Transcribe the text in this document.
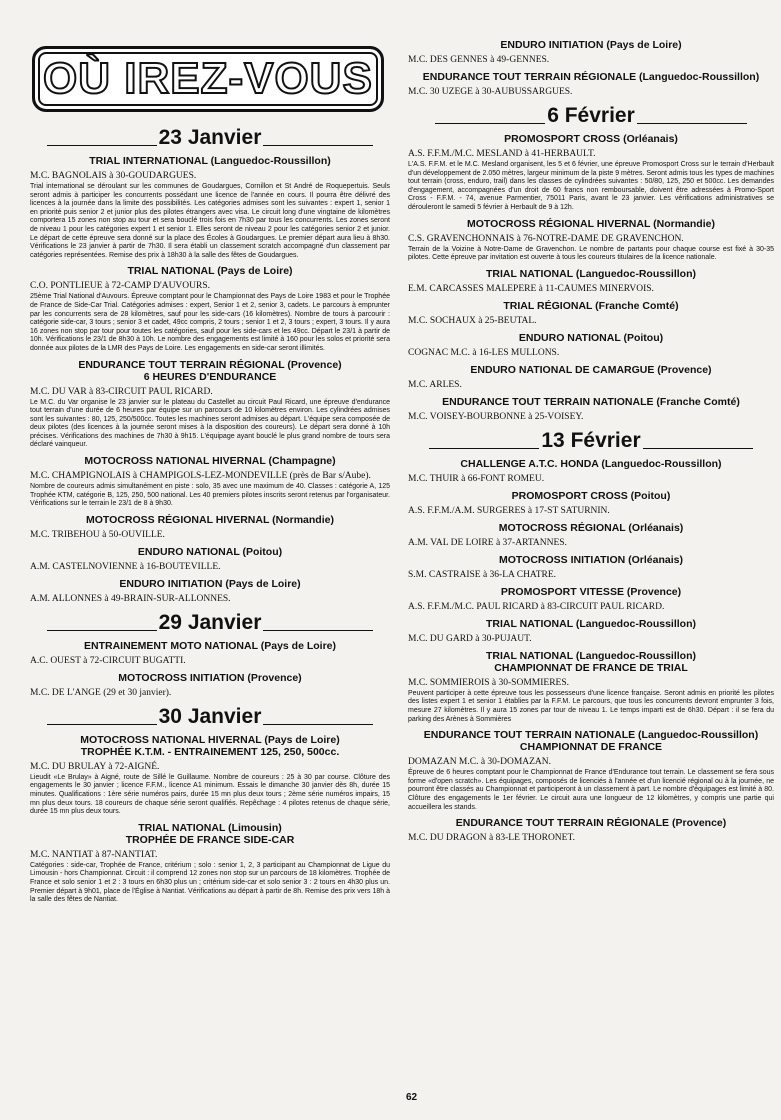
OÙ IREZ-VOUS
23 Janvier
TRIAL INTERNATIONAL (Languedoc-Roussillon)
M.C. BAGNOLAIS à 30-GOUDARGUES.

Trial international se déroulant sur les communes de Goudargues, Cornillon et St André de Roquepertuis. Seuls seront admis à participer les concurrents possédant une licence de l'année en cours. Il pourra être délivré des licences à la journée dans la limite des possibilités. Les catégories admises sont les suivantes : expert 1, senior 1 en priorité puis senior 2 et junior plus des pilotes étrangers avec visa. Le circuit long d'une vingtaine de kilomètres comportera 15 zones non stop au tour et sera bouclé trois fois en 7h30 par tous les concurrents. Les zones seront de niveau 1 pour les catégories expert 1 et senior 1. Elles seront de niveau 2 pour les catégories senior 2 et junior. Le départ de cette épreuve sera donné sur la place des Écoles à Goudargues. Le premier départ aura lieu à 8h30. Vérifications le 23 janvier à partir de 7h30. Il sera établi un classement scratch accompagné d'un classement par catégories représentées. Remise des prix à 18h30 à la salle des fêtes de Goudargues.

TRIAL NATIONAL (Pays de Loire)
C.O. PONTLIEUE à 72-CAMP D'AUVOURS.

25ème Trial National d'Auvours. Épreuve comptant pour le Championnat des Pays de Loire 1983 et pour le Trophée de France de Side-Car Trial. Catégories admises : expert, Senior 1 et 2, senior 3, cadets. Le parcours à emprunter par les concurrents sera de 28 kilomètres, sauf pour les side-cars (16 kilomètres). Nombre de tours à parcourir : catégorie side-car, 3 tours ; senior 3 et cadet, 49cc compris, 2 tours ; senior 1 et 2, 3 tours ; expert, 3 tours. Il y aura 16 zones non stop par tour pour toutes les catégories, sauf pour les side-cars et les 49cc. Départ le 23/1 à partir de 10h. Vérifications le 23/1 de 8h30 à 10h. Le nombre des engagements est limité à 160 pour les solos et priorité sera donnée aux pilotes de la LMR des Pays de Loire. Les engagements en side-car seront illimités.

ENDURANCE TOUT TERRAIN RÉGIONAL (Provence)
6 HEURES D'ENDURANCE
M.C. DU VAR à 83-CIRCUIT PAUL RICARD.

Le M.C. du Var organise le 23 janvier sur le plateau du Castellet au circuit Paul Ricard, une épreuve d'endurance tout terrain d'une durée de 6 heures par équipe sur un parcours de 10 kilomètres environ. Les cylindrées admises sont les suivantes : 80, 125, 250/500cc. Toutes les machines seront admises au départ. L'équipe sera composée de deux pilotes (des licences à la journée seront mises à la disposition des coureurs). Le départ sera donné à 10h précises. Vérifications des machines de 7h30 à 9h15. L'équipage ayant bouclé le plus grand nombre de tours sera déclaré vainqueur.

MOTOCROSS NATIONAL HIVERNAL (Champagne)
M.C. CHAMPIGNOLAIS à CHAMPIGOLS-LEZ-MONDEVILLE (près de Bar s/Aube).

Nombre de coureurs admis simultanément en piste : solo, 35 avec une maximum de 40. Classes : catégorie A, 125 Trophée KTM, catégorie B, 125, 250, 500 national. Les 40 premiers pilotes inscrits seront retenus par l'organisateur. Vérifications sur le terrain le 23/1 de 8 à 9h30.

MOTOCROSS RÉGIONAL HIVERNAL (Normandie)
M.C. TRIBEHOU à 50-OUVILLE.
ENDURO NATIONAL (Poitou)
A.M. CASTELNOVIENNE à 16-BOUTEVILLE.
ENDURO INITIATION (Pays de Loire)
A.M. ALLONNES à 49-BRAIN-SUR-ALLONNES.
29 Janvier
ENTRAINEMENT MOTO NATIONAL (Pays de Loire)
A.C. OUEST à 72-CIRCUIT BUGATTI.
MOTOCROSS INITIATION (Provence)
M.C. DE L'ANGE (29 et 30 janvier).
30 Janvier
MOTOCROSS NATIONAL HIVERNAL (Pays de Loire)
TROPHÉE K.T.M. - ENTRAINEMENT 125, 250, 500cc.
M.C. DU BRULAY à 72-AIGNÉ.

Lieudit «Le Brulay» à Aigné, route de Sillé le Guillaume. Nombre de coureurs : 25 à 30 par course. Clôture des engagements le 30 janvier ; licence F.F.M., licence A1 minimum. Essais le dimanche 30 janvier dès 8h, durée 15 minutes. Qualifications : 1ère série numéros pairs, durée 15 mn plus deux tours ; 2ème série numéros impairs, 15 mn plus deux tours. 18 coureurs de chaque série seront qualifiés. Repêchage : 4 pilotes retenus de chaque série, durée 15 mn plus deux tours.

TRIAL NATIONAL (Limousin)
TROPHÉE DE FRANCE SIDE-CAR
M.C. NANTIAT à 87-NANTIAT.

Catégories : side-car, Trophée de France, critérium ; solo : senior 1, 2, 3 participant au Championnat de Ligue du Limousin - hors Championnat. Circuit : il comprend 12 zones non stop sur un parcours de 18 kilomètres. Trophée de France et solo senior 1 et 2 : 3 tours en 6h30 plus un ; critérium side-car et solo senior 3 : 2 tours en 4h30 plus un. Premier départ à 9h01, place de l'Église à Nantiat. Vérifications au départ à partir de 8h. Remise des prix vers 18h à la salle des fêtes de Nantiat.

ENDURO INITIATION (Pays de Loire)
M.C. DES GENNES à 49-GENNES.
ENDURANCE TOUT TERRAIN RÉGIONALE (Languedoc-Roussillon)
M.C. 30 UZEGE à 30-AUBUSSARGUES.
6 Février
PROMOSPORT CROSS (Orléanais)
A.S. F.F.M./M.C. MESLAND à 41-HERBAULT.

L'A.S. F.F.M. et le M.C. Mesland organisent, les 5 et 6 février, une épreuve Promosport Cross sur le terrain d'Herbault d'un développement de 2.050 mètres, largeur minimum de la piste 9 mètres. Seront admis tous les types de machines tout terrain (cross, enduro, trail) dans les classes de cylindrées suivantes : 50/80, 125, 250 et 500cc. Les demandes d'engagement, accompagnées d'un droit de 60 francs non remboursable, doivent être adressées à Promo-Sport Cross - F.F.M. - 74, avenue Parmentier, 75011 Paris, avant le 23 janvier. Les vérifications administratives se dérouleront le samedi 5 février à Herbault de 9 à 12h.

MOTOCROSS RÉGIONAL HIVERNAL (Normandie)
C.S. GRAVENCHONNAIS à 76-NOTRE-DAME DE GRAVENCHON.

Terrain de la Voizine à Notre-Dame de Gravenchon. Le nombre de partants pour chaque course est fixé à 30-35 pilotes. Cette épreuve par invitation est ouverte à tous les coureurs titulaires de la licence nationale.

TRIAL NATIONAL (Languedoc-Roussillon)
E.M. CARCASSES MALEPERE à 11-CAUMES MINERVOIS.
TRIAL RÉGIONAL (Franche Comté)
M.C. SOCHAUX à 25-BEUTAL.
ENDURO NATIONAL (Poitou)
COGNAC M.C. à 16-LES MULLONS.
ENDURO NATIONAL DE CAMARGUE (Provence)
M.C. ARLES.
ENDURANCE TOUT TERRAIN NATIONALE (Franche Comté)
M.C. VOISEY-BOURBONNE à 25-VOISEY.
13 Février
CHALLENGE A.T.C. HONDA (Languedoc-Roussillon)
M.C. THUIR à 66-FONT ROMEU.
PROMOSPORT CROSS (Poitou)
A.S. F.F.M./A.M. SURGERES à 17-ST SATURNIN.
MOTOCROSS RÉGIONAL (Orléanais)
A.M. VAL DE LOIRE à 37-ARTANNES.
MOTOCROSS INITIATION (Orléanais)
S.M. CASTRAISE à 36-LA CHATRE.
PROMOSPORT VITESSE (Provence)
A.S. F.F.M./M.C. PAUL RICARD à 83-CIRCUIT PAUL RICARD.
TRIAL NATIONAL (Languedoc-Roussillon)
M.C. DU GARD à 30-PUJAUT.
TRIAL NATIONAL (Languedoc-Roussillon)
CHAMPIONNAT DE FRANCE DE TRIAL
M.C. SOMMIEROIS à 30-SOMMIERES.

Peuvent participer à cette épreuve tous les possesseurs d'une licence française. Seront admis en priorité les pilotes des listes expert 1 et senior 1 établies par la F.F.M. Le parcours, que tous les concurrents devront emprunter 3 fois, mesure 27 kilomètres. Il y aura 15 zones par tour de niveau 1. Le temps imparti est de 6h30. Départ : il se fera du parking des Arènes à Sommières

ENDURANCE TOUT TERRAIN NATIONALE (Languedoc-Roussillon)
CHAMPIONNAT DE FRANCE
DOMAZAN M.C. à 30-DOMAZAN.

Épreuve de 6 heures comptant pour le Championnat de France d'Endurance tout terrain. Le classement se fera sous forme «d'open scratch». Les équipages, composés de licenciés à l'année et d'un licencié régional ou à la journée, ne pourront être classés au Championnat et participeront à un classement à part. Le nombre d'équipages est limité à 80. Clôture des engagements le 1er février. Le circuit aura une longueur de 12 kilomètres, y compris une partie qui accueillera les stands.

ENDURANCE TOUT TERRAIN RÉGIONALE (Provence)
M.C. DU DRAGON à 83-LE THORONET.
62
